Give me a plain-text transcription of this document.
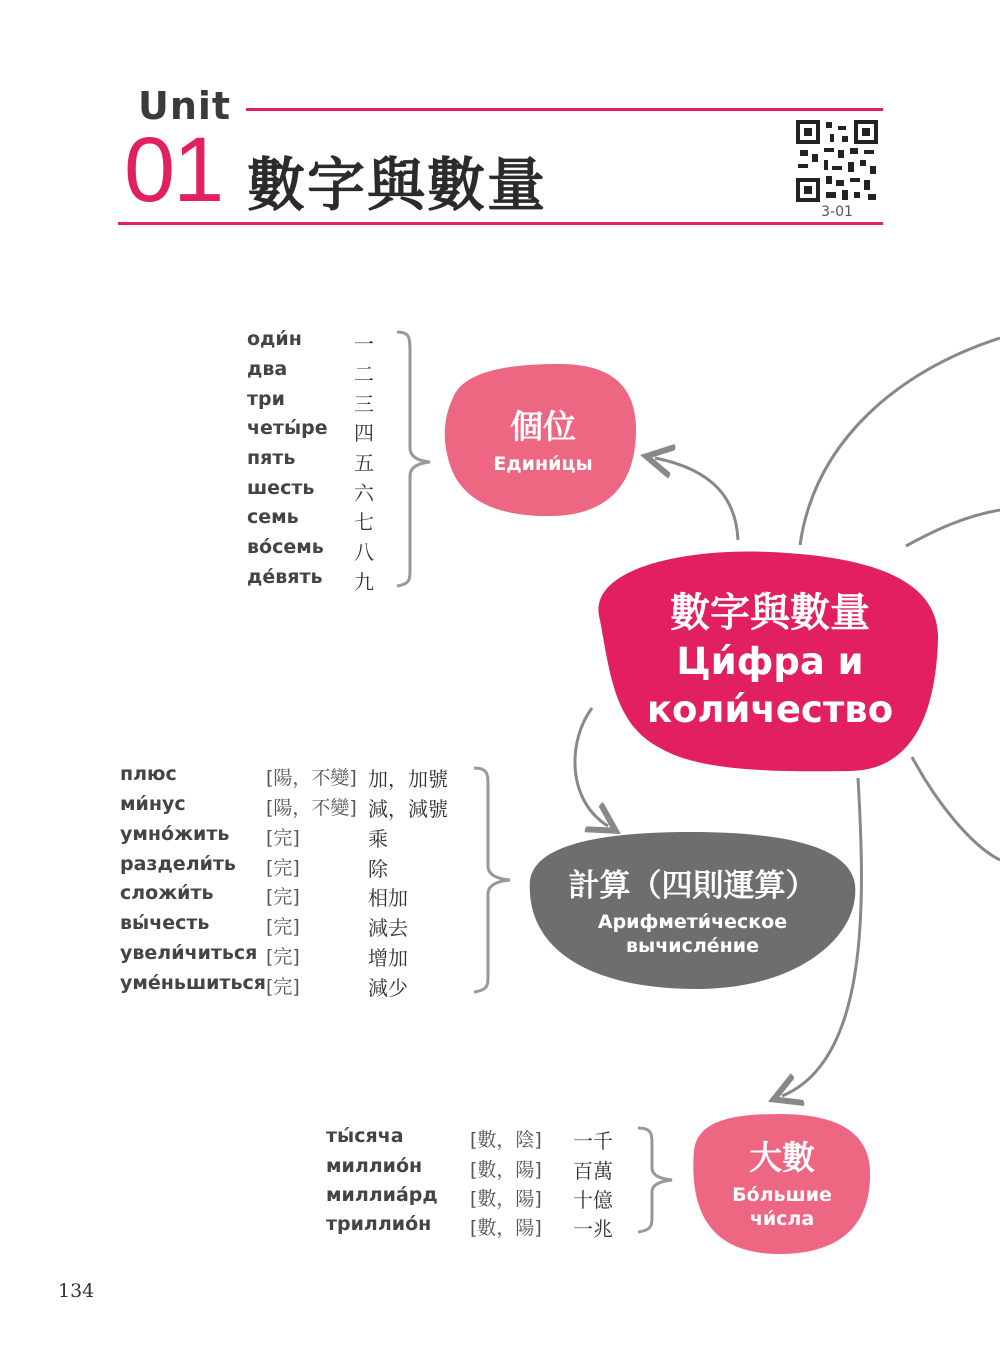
Unit
01 數字與數量	3-01
數字與數量
Ци́фра и
коли́чество
個位
Едини́цы
計算（四則運算）
Арифмети́ческое
вычисле́ние
大數
Бо́льшие
чи́сла
оди́н	一
два	二
три	三
четы́ре 四
пять	五
шесть 六
семь	七
во́семь 八
де́вять 九
плюс	[陽，不變] 加，加號
ми́нус	[陽，不變] 減，減號
умно́жить [完]	乘
раздели́ть [完]	除
сложи́ть	[完]	相加
вы́честь	[完]	減去
увели́читься [完]	增加
уме́ньшиться [完]	減少
ты́сяча	[數，陰] 一千
миллио́н	[數，陽] 百萬
миллиа́рд [數，陽] 十億
триллио́н [數，陽] 一兆
134
